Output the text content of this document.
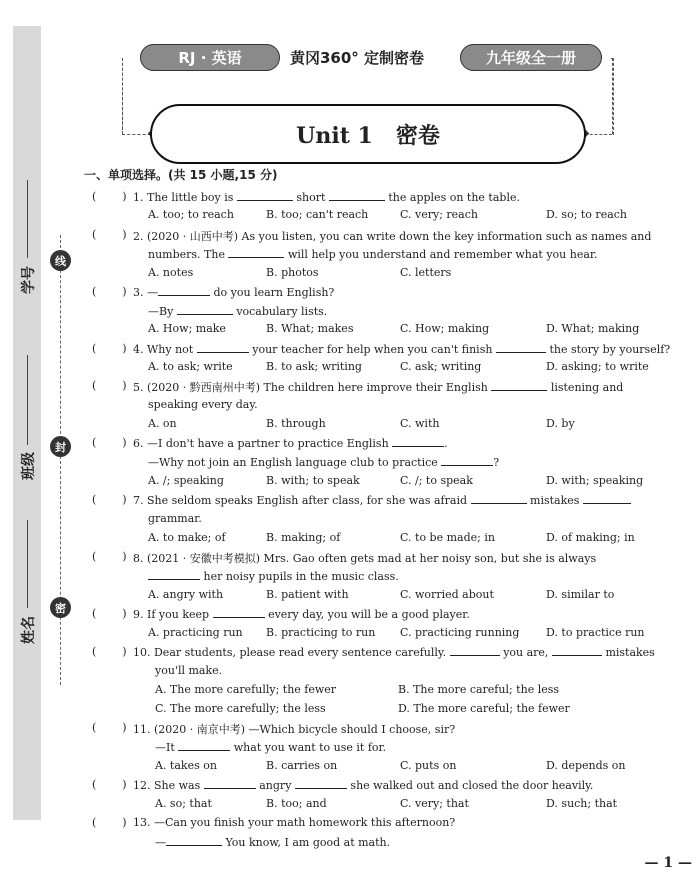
线
封
密
学号
班级
姓名
RJ · 英语	黄冈360° 定制密卷	九年级全一册
Unit 1   密卷
一、单项选择。(共 15 小题,15 分)
( ) 1. The little boy is	short	the apples on the table.
A. too; to reach	B. too; can't reach	C. very; reach	D. so; to reach
( ) 2. (2020 · 山西中考) As you listen, you can write down the key information such as names and
numbers. The	will help you understand and remember what you hear.
A. notes	B. photos	C. letters
( ) 3. —	do you learn English?
—By	vocabulary lists.
A. How; make	B. What; makes	C. How; making	D. What; making
( ) 4. Why not	your teacher for help when you can't finish	the story by yourself?
A. to ask; write	B. to ask; writing	C. ask; writing	D. asking; to write
( ) 5. (2020 · 黔西南州中考) The children here improve their English	listening and
speaking every day.
A. on	B. through	C. with	D. by
( ) 6. —I don't have a partner to practice English	.
—Why not join an English language club to practice	?
A. /; speaking	B. with; to speak	C. /; to speak	D. with; speaking
( ) 7. She seldom speaks English after class, for she was afraid	mistakes
grammar.
A. to make; of	B. making; of	C. to be made; in	D. of making; in
( ) 8. (2021 · 安徽中考模拟) Mrs. Gao often gets mad at her noisy son, but she is always
her noisy pupils in the music class.
A. angry with	B. patient with	C. worried about	D. similar to
( ) 9. If you keep	every day, you will be a good player.
A. practicing run B. practicing to run C. practicing running D. to practice run
( ) 10. Dear students, please read every sentence carefully.	you are,	mistakes
you'll make.
A. The more carefully; the fewer	B. The more careful; the less
C. The more carefully; the less	D. The more careful; the fewer
( ) 11. (2020 · 南京中考) —Which bicycle should I choose, sir?
—It	what you want to use it for.
A. takes on	B. carries on	C. puts on	D. depends on
( ) 12. She was	angry	she walked out and closed the door heavily.
A. so; that	B. too; and	C. very; that	D. such; that
( ) 13. —Can you finish your math homework this afternoon?
—	You know, I am good at math.
— 1 —
